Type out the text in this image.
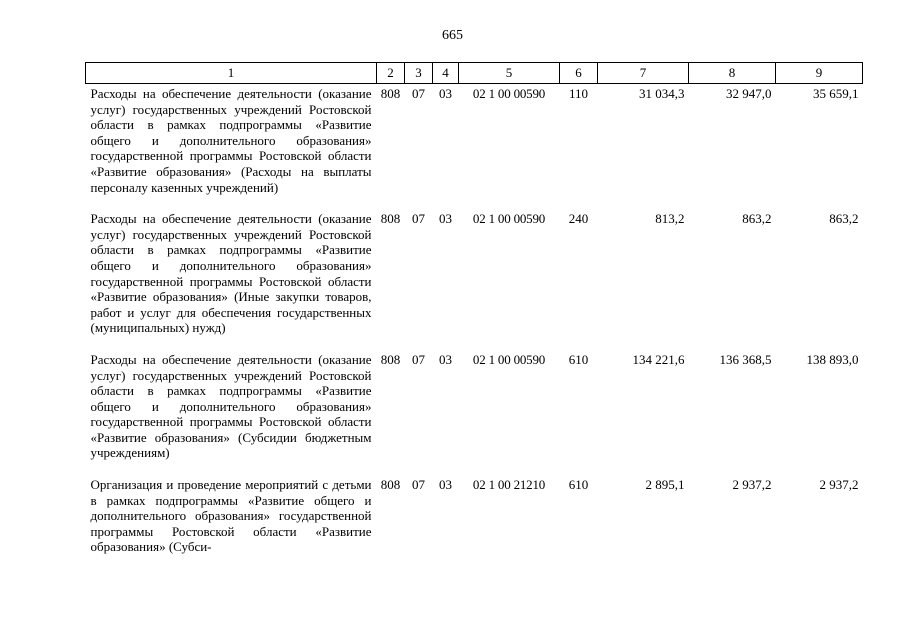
665
1	2	3	4	5	6	7	8	9
Расходы на обеспечение деятельности (оказание услуг) государственных учреждений Ростовской области в рамках подпрограммы «Развитие общего и дополнительного образования» государственной программы Ростовской области «Развитие образования» (Расходы на выплаты персоналу казенных учреждений)	808	07	03	02 1 00 00590	110	31 034,3	32 947,0	35 659,1
Расходы на обеспечение деятельности (оказание услуг) государственных учреждений Ростовской области в рамках подпрограммы «Развитие общего и дополнительного образования» государственной программы Ростовской области «Развитие образования» (Иные закупки товаров, работ и услуг для обеспечения государственных (муниципальных) нужд)	808	07	03	02 1 00 00590	240	813,2	863,2	863,2
Расходы на обеспечение деятельности (оказание услуг) государственных учреждений Ростовской области в рамках подпрограммы «Развитие общего и дополнительного образования» государственной программы Ростовской области «Развитие образования» (Субсидии бюджетным учреждениям)	808	07	03	02 1 00 00590	610	134 221,6	136 368,5	138 893,0
Организация и проведение мероприятий с детьми в рамках подпрограммы «Развитие общего и дополнительного образования» государственной программы Ростовской области «Развитие образования» (Субси-	808	07	03	02 1 00 21210	610	2 895,1	2 937,2	2 937,2
